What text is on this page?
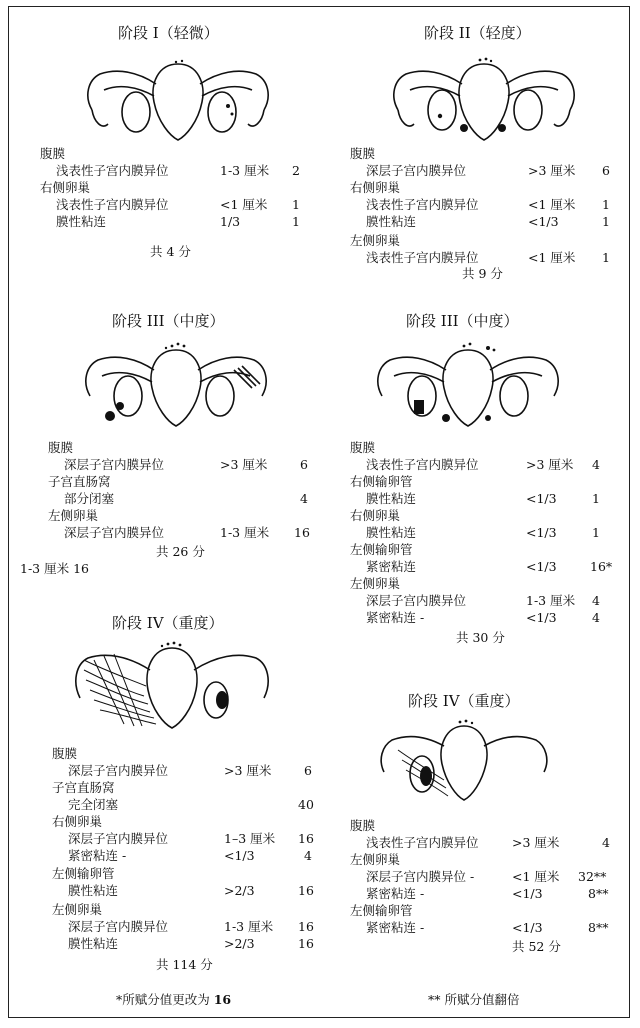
阶段 I（轻微）
腹膜
浅表性子宫内膜异位	1-3 厘米 2
右侧卵巢
浅表性子宫内膜异位	<1 厘米 1
膜性粘连	1/3	1
共 4 分
阶段 II（轻度）
腹膜
深层子宫内膜异位	>3 厘米 6
右侧卵巢
浅表性子宫内膜异位	<1 厘米 1
膜性粘连	<1/3	1
左侧卵巢
浅表性子宫内膜异位	<1 厘米 1
共 9 分
阶段 III（中度）
腹膜
深层子宫内膜异位	>3 厘米	6
子宫直肠窝
部分闭塞	4
左侧卵巢
深层子宫内膜异位	1-3 厘米 16
共 26 分
1-3 厘米 16
阶段 III（中度）
腹膜
浅表性子宫内膜异位	>3 厘米 4
右侧输卵管
膜性粘连	<1/3	1
右侧卵巢
膜性粘连	<1/3	1
左侧输卵管
紧密粘连	<1/3	16*
左侧卵巢
深层子宫内膜异位	1-3 厘米 4
紧密粘连 -	<1/3	4
共 30 分
阶段 IV（重度）
腹膜
深层子宫内膜异位	>3 厘米	6
子宫直肠窝
完全闭塞	40
右侧卵巢
深层子宫内膜异位	1–3 厘米 16
紧密粘连 -	<1/3	4
左侧输卵管
膜性粘连	>2/3	16
左侧卵巢
深层子宫内膜异位	1-3 厘米 16
膜性粘连	>2/3	16
共 114 分
阶段 IV（重度）
腹膜
浅表性子宫内膜异位	>3 厘米	4
左侧卵巢
深层子宫内膜异位 -	<1 厘米 32**
紧密粘连 -	<1/3	8**
左侧输卵管
紧密粘连 -	<1/3	8**
共 52 分
*所赋分值更改为 16	** 所赋分值翻倍
